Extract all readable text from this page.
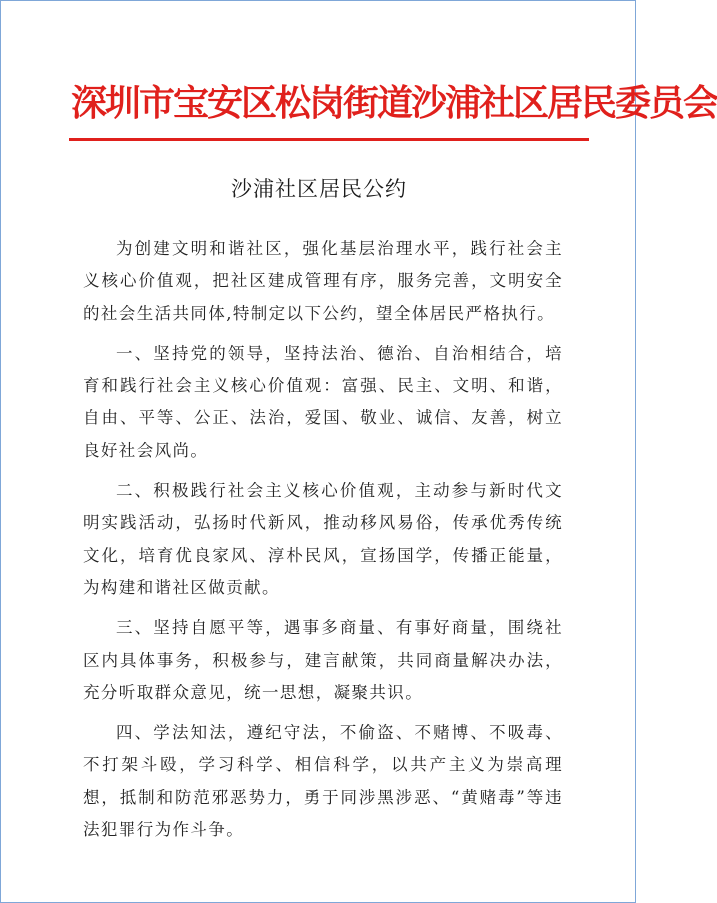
深圳市宝安区松岗街道沙浦社区居民委员会
沙浦社区居民公约

为创建文明和谐社区，强化基层治理水平，践行社会主义核心价值观，把社区建成管理有序，服务完善，文明安全的社会生活共同体,特制定以下公约，望全体居民严格执行。

一、坚持党的领导，坚持法治、德治、自治相结合，培育和践行社会主义核心价值观：富强、民主、文明、和谐，自由、平等、公正、法治，爱国、敬业、诚信、友善，树立良好社会风尚。

二、积极践行社会主义核心价值观，主动参与新时代文明实践活动，弘扬时代新风，推动移风易俗，传承优秀传统文化，培育优良家风、淳朴民风，宣扬国学，传播正能量，为构建和谐社区做贡献。

三、坚持自愿平等，遇事多商量、有事好商量，围绕社区内具体事务，积极参与，建言献策，共同商量解决办法，充分听取群众意见，统一思想，凝聚共识。

四、学法知法，遵纪守法，不偷盗、不赌博、不吸毒、不打架斗殴，学习科学、相信科学，以共产主义为崇高理想，抵制和防范邪恶势力，勇于同涉黑涉恶、“黄赌毒”等违法犯罪行为作斗争。
